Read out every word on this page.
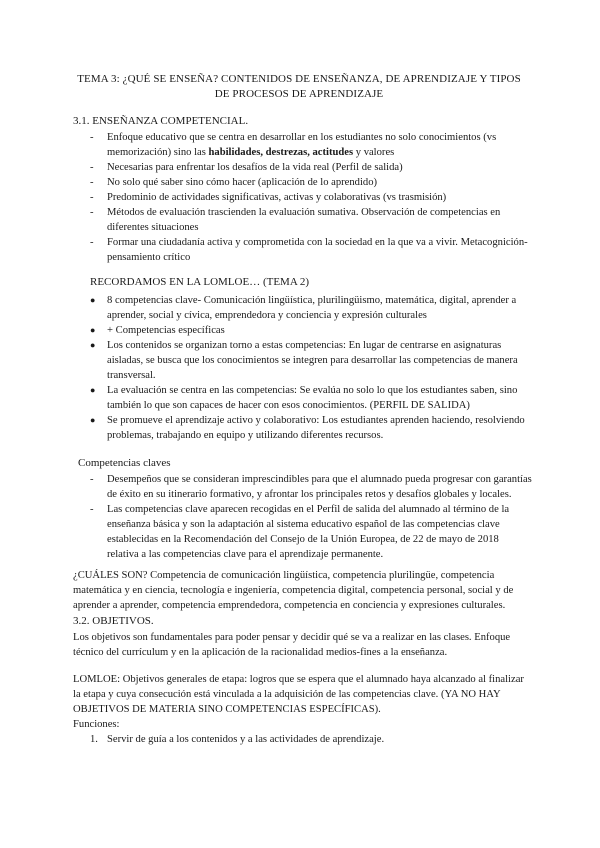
TEMA 3: ¿QUÉ SE ENSEÑA? CONTENIDOS DE ENSEÑANZA, DE APRENDIZAJE Y TIPOS
DE PROCESOS DE APRENDIZAJE
3.1. ENSEÑANZA COMPETENCIAL.
- Enfoque educativo que se centra en desarrollar en los estudiantes no solo conocimientos (vs memorización) sino las habilidades, destrezas, actitudes y valores
- Necesarias para enfrentar los desafíos de la vida real (Perfil de salida)
- No solo qué saber sino cómo hacer (aplicación de lo aprendido)
- Predominio de actividades significativas, activas y colaborativas (vs trasmisión)
- Métodos de evaluación trascienden la evaluación sumativa. Observación de competencias en diferentes situaciones
- Formar una ciudadanía activa y comprometida con la sociedad en la que va a vivir. Metacognición-pensamiento crítico
RECORDAMOS EN LA LOMLOE… (TEMA 2)
● 8 competencias clave- Comunicación lingüística, plurilingüismo, matemática, digital, aprender a aprender, social y cívica, emprendedora y conciencia y expresión culturales
● + Competencias específicas
● Los contenidos se organizan torno a estas competencias: En lugar de centrarse en asignaturas aisladas, se busca que los conocimientos se integren para desarrollar las competencias de manera transversal.
● La evaluación se centra en las competencias: Se evalúa no solo lo que los estudiantes saben, sino también lo que son capaces de hacer con esos conocimientos. (PERFIL DE SALIDA)
● Se promueve el aprendizaje activo y colaborativo: Los estudiantes aprenden haciendo, resolviendo problemas, trabajando en equipo y utilizando diferentes recursos.
Competencias claves
- Desempeños que se consideran imprescindibles para que el alumnado pueda progresar con garantías de éxito en su itinerario formativo, y afrontar los principales retos y desafíos globales y locales.
- Las competencias clave aparecen recogidas en el Perfil de salida del alumnado al término de la enseñanza básica y son la adaptación al sistema educativo español de las competencias clave establecidas en la Recomendación del Consejo de la Unión Europea, de 22 de mayo de 2018 relativa a las competencias clave para el aprendizaje permanente.
¿CUÁLES SON? Competencia de comunicación lingüística, competencia plurilingüe, competencia matemática y en ciencia, tecnología e ingeniería, competencia digital, competencia personal, social y de aprender a aprender, competencia emprendedora, competencia en conciencia y expresiones culturales.
3.2. OBJETIVOS.
Los objetivos son fundamentales para poder pensar y decidir qué se va a realizar en las clases. Enfoque técnico del currículum y en la aplicación de la racionalidad medios-fines a la enseñanza.
LOMLOE: Objetivos generales de etapa: logros que se espera que el alumnado haya alcanzado al finalizar la etapa y cuya consecución está vinculada a la adquisición de las competencias clave. (YA NO HAY OBJETIVOS DE MATERIA SINO COMPETENCIAS ESPECÍFICAS).
Funciones:
1. Servir de guía a los contenidos y a las actividades de aprendizaje.
